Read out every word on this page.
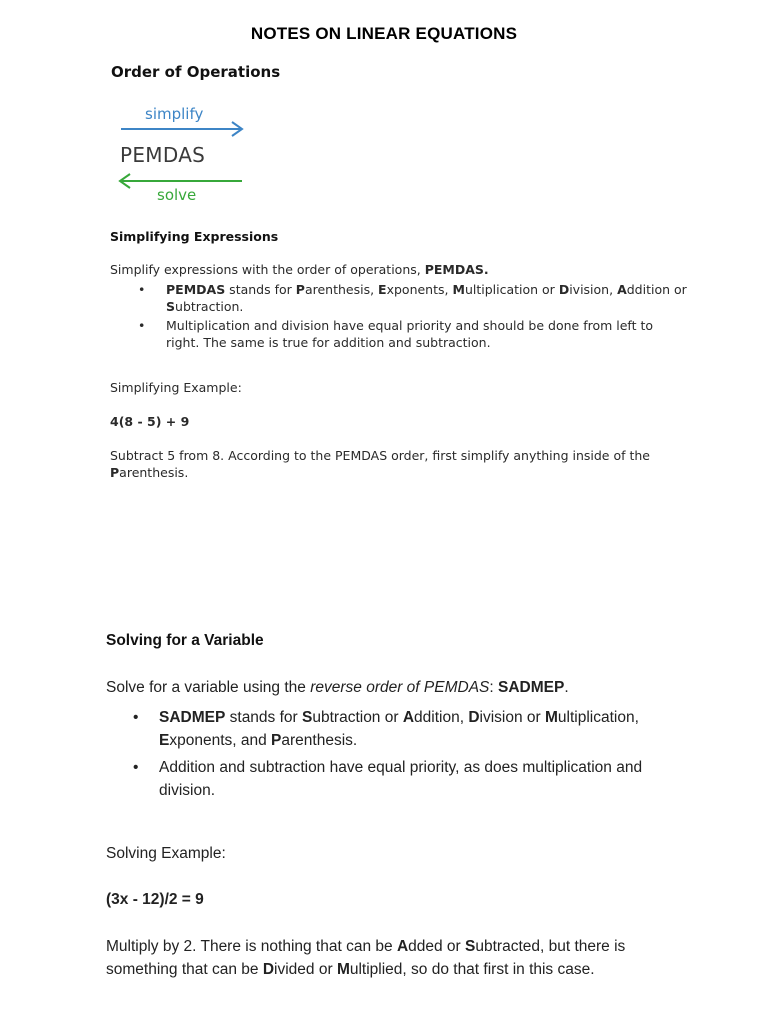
NOTES ON LINEAR EQUATIONS
Order of Operations
simplify
PEMDAS
solve
Simplifying Expressions
Simplify expressions with the order of operations, PEMDAS.
• PEMDAS stands for Parenthesis, Exponents, Multiplication or Division, Addition or Subtraction.
• Multiplication and division have equal priority and should be done from left to right. The same is true for addition and subtraction.
Simplifying Example:
4(8 - 5) + 9
Subtract 5 from 8. According to the PEMDAS order, first simplify anything inside of the Parenthesis.
Solving for a Variable
Solve for a variable using the reverse order of PEMDAS: SADMEP.
• SADMEP stands for Subtraction or Addition, Division or Multiplication, Exponents, and Parenthesis.
• Addition and subtraction have equal priority, as does multiplication and division.
Solving Example:
(3x - 12)/2 = 9
Multiply by 2. There is nothing that can be Added or Subtracted, but there is something that can be Divided or Multiplied, so do that first in this case.
